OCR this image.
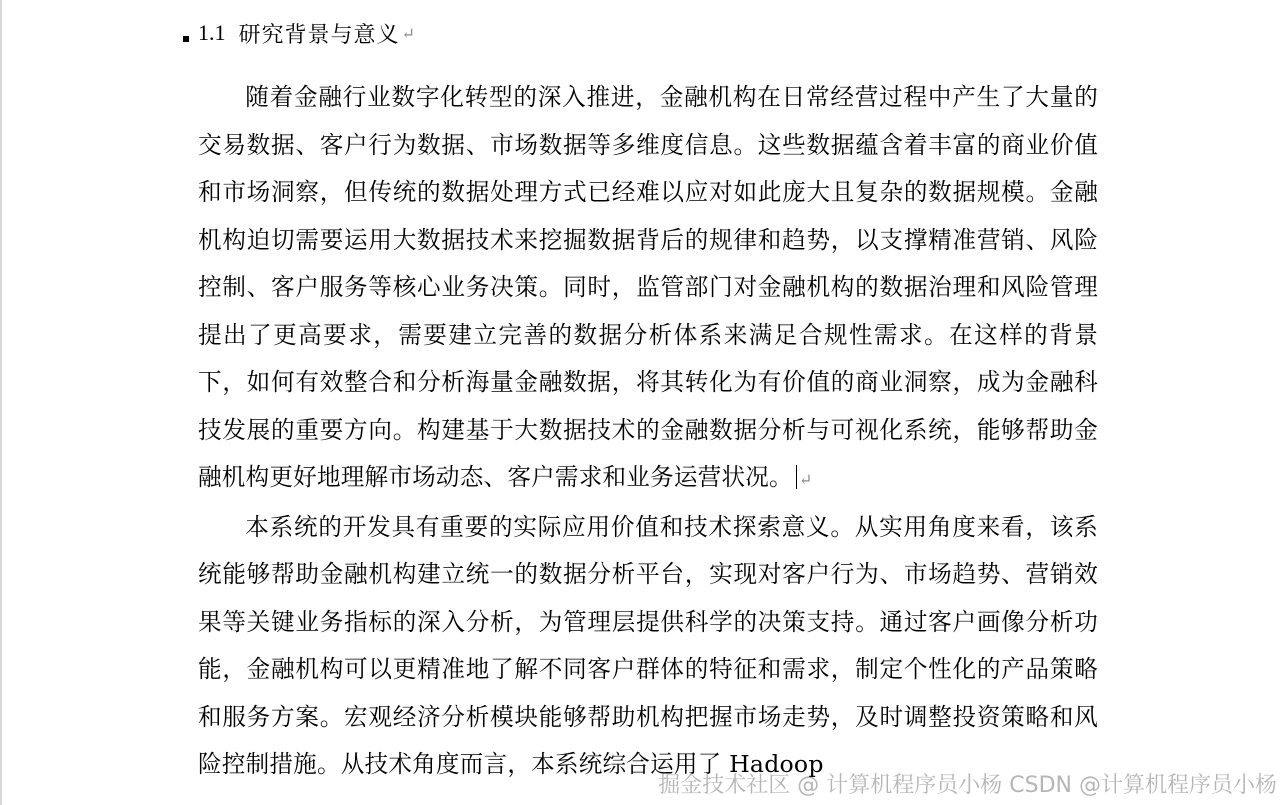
1.1 研究背景与意义 ↵
随着金融行业数字化转型的深入推进，金融机构在日常经营过程中产生了大量的交易数据、客户行为数据、市场数据等多维度信息。这些数据蕴含着丰富的商业价值和市场洞察，但传统的数据处理方式已经难以应对如此庞大且复杂的数据规模。金融机构迫切需要运用大数据技术来挖掘数据背后的规律和趋势，以支撑精准营销、风险控制、客户服务等核心业务决策。同时，监管部门对金融机构的数据治理和风险管理提出了更高要求，需要建立完善的数据分析体系来满足合规性需求。在这样的背景下，如何有效整合和分析海量金融数据，将其转化为有价值的商业洞察，成为金融科技发展的重要方向。构建基于大数据技术的金融数据分析与可视化系统，能够帮助金融机构更好地理解市场动态、客户需求和业务运营状况。 ↵
本系统的开发具有重要的实际应用价值和技术探索意义。从实用角度来看，该系统能够帮助金融机构建立统一的数据分析平台，实现对客户行为、市场趋势、营销效果等关键业务指标的深入分析，为管理层提供科学的决策支持。通过客户画像分析功能，金融机构可以更精准地了解不同客户群体的特征和需求，制定个性化的产品策略和服务方案。宏观经济分析模块能够帮助机构把握市场走势，及时调整投资策略和风险控制措施。从技术角度而言，本系统综合运用了 Hadoop
掘金技术社区 @ 计算机程序员小杨 CSDN @计算机程序员小杨
